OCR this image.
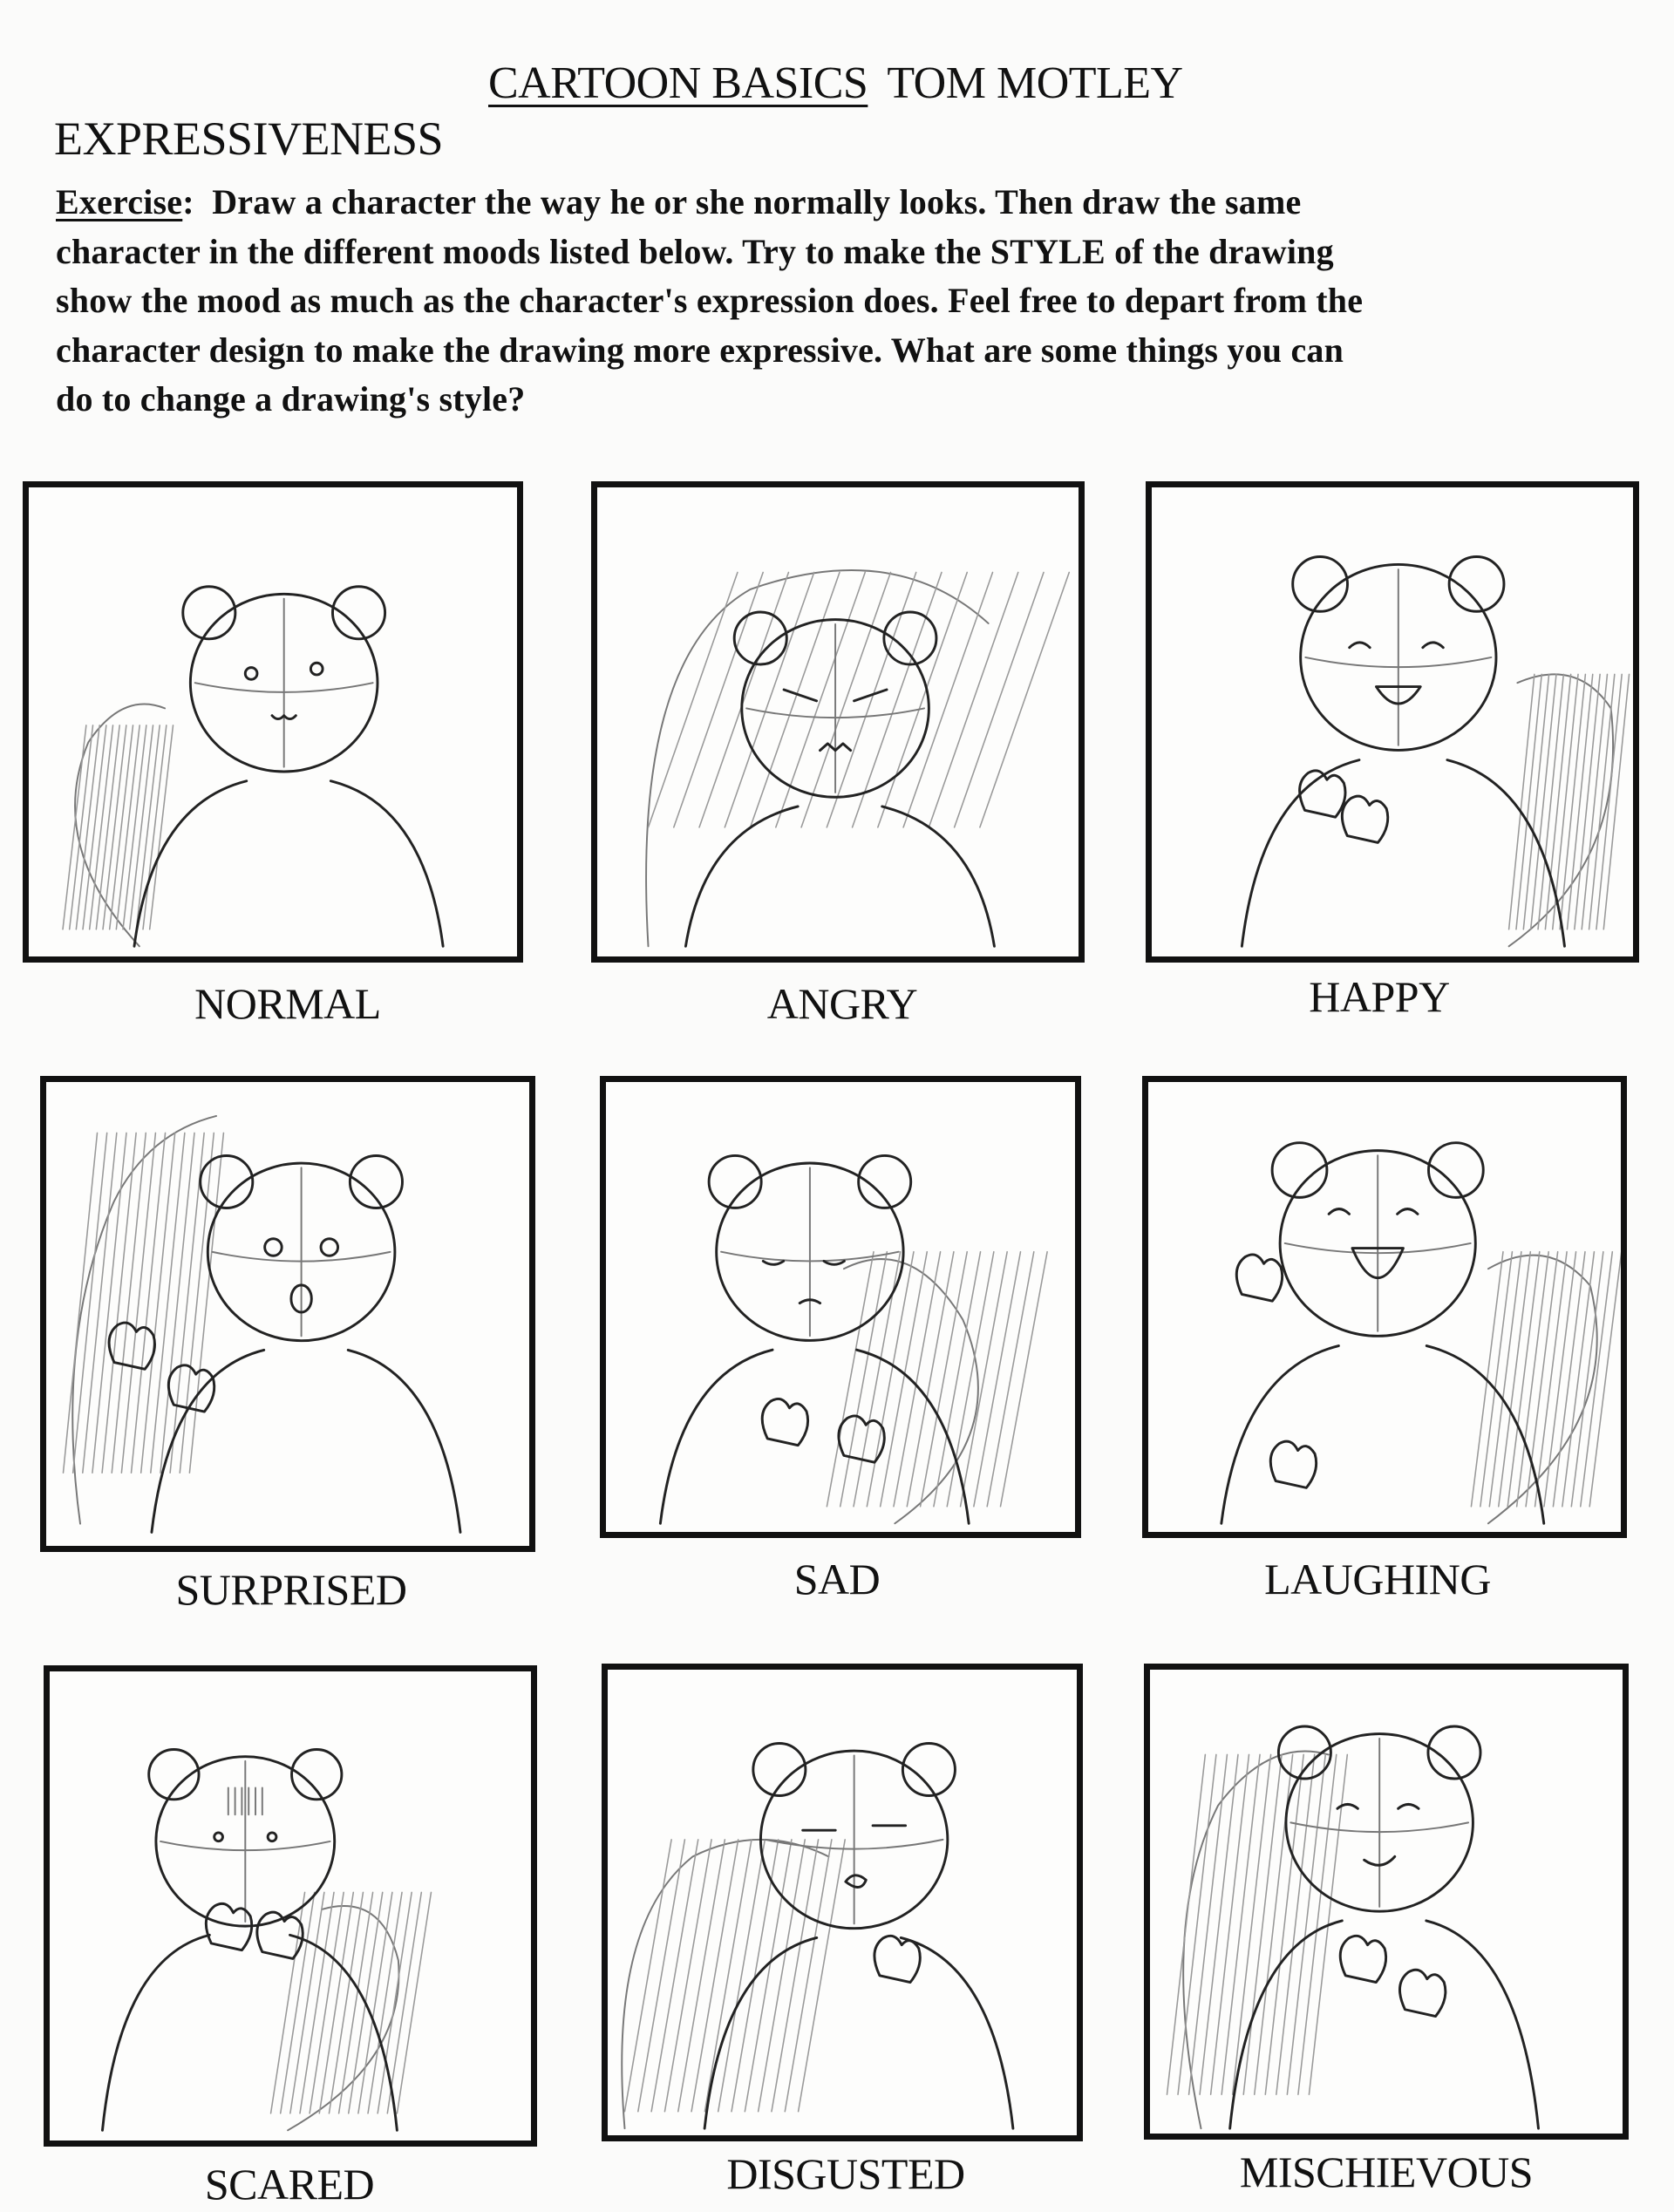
CARTOON BASICS TOM MOTLEY
EXPRESSIVENESS
Exercise: Draw a character the way he or she normally looks. Then draw the same
character in the different moods listed below. Try to make the STYLE of the drawing
show the mood as much as the character's expression does. Feel free to depart from the
character design to make the drawing more expressive. What are some things you can
do to change a drawing's style?
NORMAL	ANGRY	HAPPY
SURPRISED	SAD	LAUGHING
SCARED	DISGUSTED	MISCHIEVOUS
